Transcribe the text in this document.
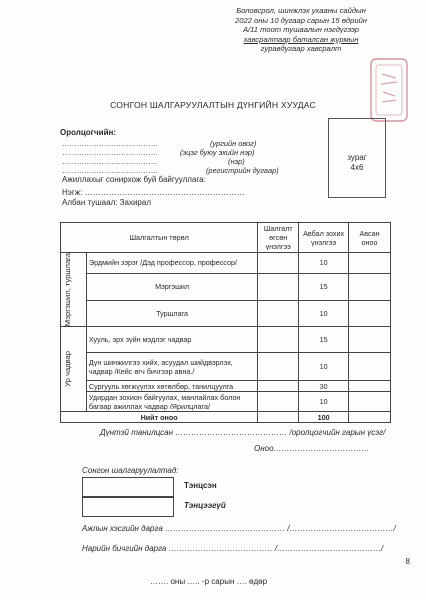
Боловсрол, шинжлэх ухааны сайдын
2022 оны 10 дугаар сарын 15 өдрийн
А/11 тоот тушаалын нэгдүгээр
хавсралтаар баталсан журмын
гуравдугаар хавсралт
СОНГОН ШАЛГАРУУЛАЛТЫН ДҮНГИЙН ХУУДАС
Оролцогчийн:
…………………………………	(ургийн овог)
…………………………………	(эцэг буюу эхийн нэр)
…………………………………	(нэр)
…………………………………	(регистрийн дугаар)
Ажиллахыг сонирхож буй байгууллага:
Нэгж: ……………………………………………………
Албан тушаал: Захирал
зураг
4x6
Шалгалтын төрөл		Шалгалт өгсөн үнэлгээ	Авбал зохих үнэлгээ	Авсан оноо

Мэргэшил, туршлага	Эрдмийн зэрэг /Дэд профессор, профессор/		10	
	Мэргэшил		15	
	Туршлага		10	

Ур чадвар	Хууль, эрх зүйн мэдлэг чадвар		15	
	Дүн шинжилгээ хийх, асуудал шийдвэрлэх, чадвар /Кейс өгч бичгээр авна./		10	
	Сургууль хөгжүүлэх хөтөлбөр, танилцуулга		30	
	Удирдан зохион байгуулах, манлайлах болон багаар ажиллах чадвар /Ярилцлага/		10	
Нийт оноо			100	
Дүнтэй танилцсан …………………………………… /оролцогчийн гарын үсэг/
Оноо………………………………
Сонгон шалгаруулалтад:
Тэнцсэн
Тэнцээгүй
Ажлын хэсгийн дарга ……………………………………… /…………………………………/
Нарийн бичгийн дарга ………………………………… /…………………………………/
……. оны ….. -р сарын …. өдөр
8
